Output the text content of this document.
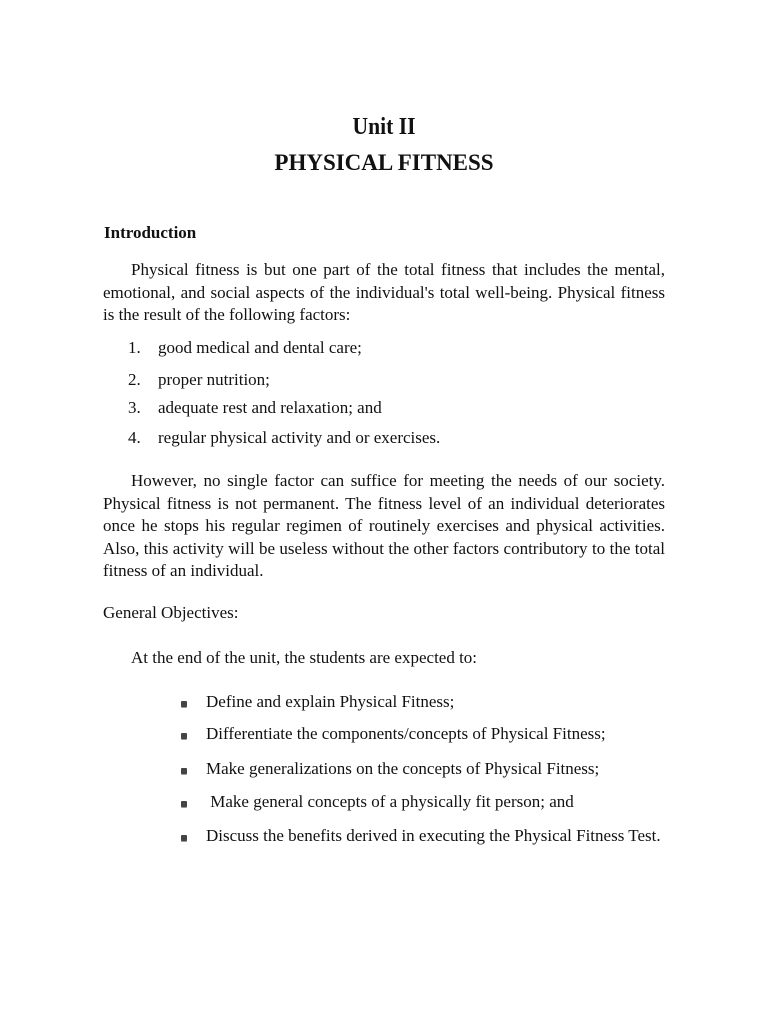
Unit II
PHYSICAL FITNESS
Introduction

Physical fitness is but one part of the total fitness that includes the mental, emotional, and social aspects of the individual's total well-being. Physical fitness is the result of the following factors:

1. good medical and dental care;
2. proper nutrition;
3. adequate rest and relaxation; and
4. regular physical activity and or exercises.

However, no single factor can suffice for meeting the needs of our society. Physical fitness is not permanent. The fitness level of an individual deteriorates once he stops his regular regimen of routinely exercises and physical activities. Also, this activity will be useless without the other factors contributory to the total fitness of an individual.

General Objectives:
At the end of the unit, the students are expected to:
Define and explain Physical Fitness;
Differentiate the components/concepts of Physical Fitness;
Make generalizations on the concepts of Physical Fitness;
Make general concepts of a physically fit person; and
Discuss the benefits derived in executing the Physical Fitness Test.
